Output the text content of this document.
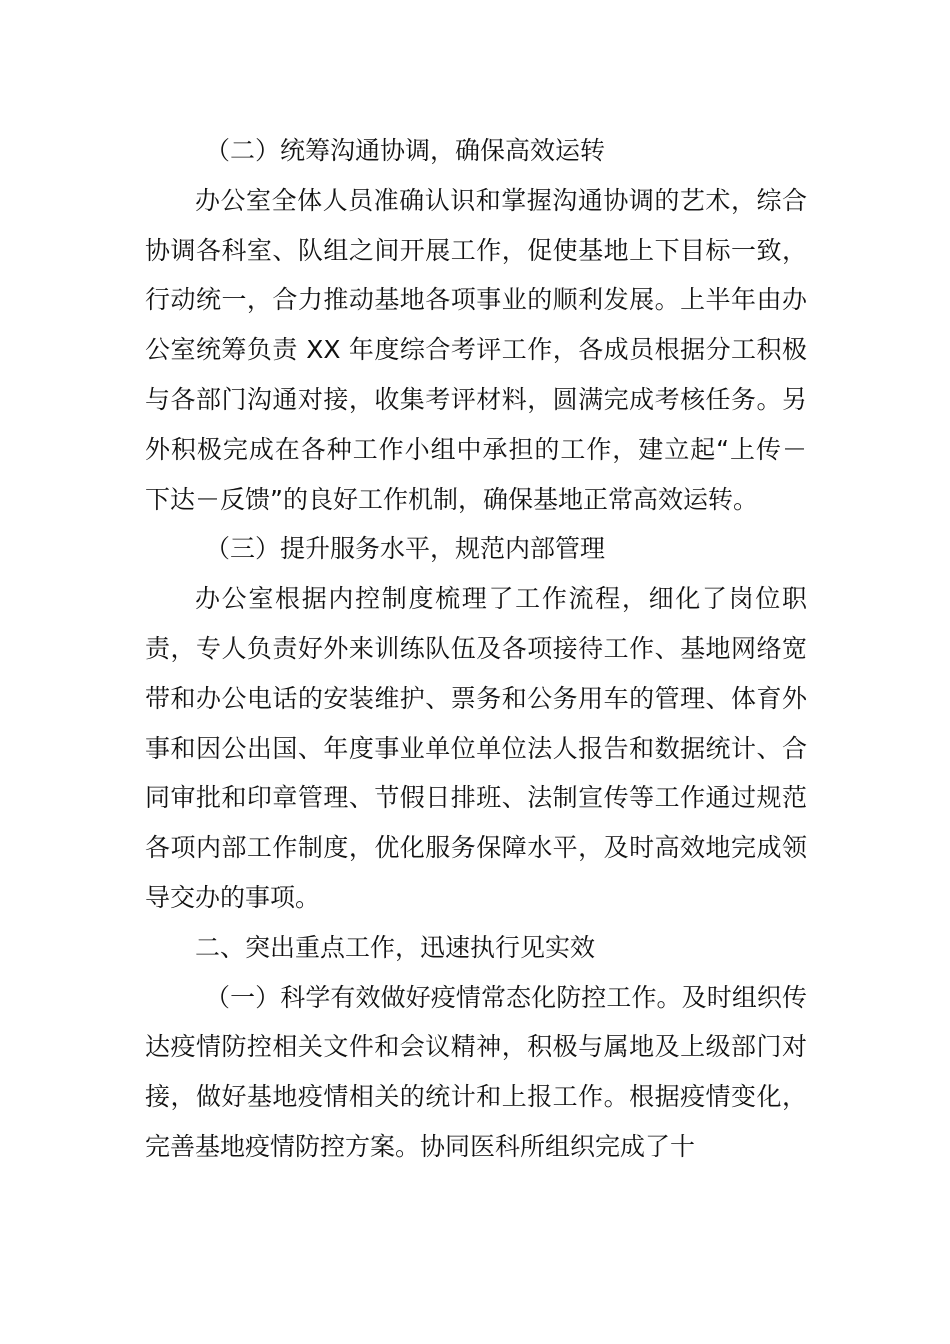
（二）统筹沟通协调，确保高效运转

办公室全体人员准确认识和掌握沟通协调的艺术，综合协调各科室、队组之间开展工作，促使基地上下目标一致，行动统一，合力推动基地各项事业的顺利发展。上半年由办公室统筹负责 XX 年度综合考评工作，各成员根据分工积极与各部门沟通对接，收集考评材料，圆满完成考核任务。另外积极完成在各种工作小组中承担的工作，建立起“上传－下达－反馈”的良好工作机制，确保基地正常高效运转。

（三）提升服务水平，规范内部管理

办公室根据内控制度梳理了工作流程，细化了岗位职责，专人负责好外来训练队伍及各项接待工作、基地网络宽带和办公电话的安装维护、票务和公务用车的管理、体育外事和因公出国、年度事业单位单位法人报告和数据统计、合同审批和印章管理、节假日排班、法制宣传等工作通过规范各项内部工作制度，优化服务保障水平，及时高效地完成领导交办的事项。

二、突出重点工作，迅速执行见实效

（一）科学有效做好疫情常态化防控工作。及时组织传达疫情防控相关文件和会议精神，积极与属地及上级部门对接，做好基地疫情相关的统计和上报工作。根据疫情变化，完善基地疫情防控方案。协同医科所组织完成了十
